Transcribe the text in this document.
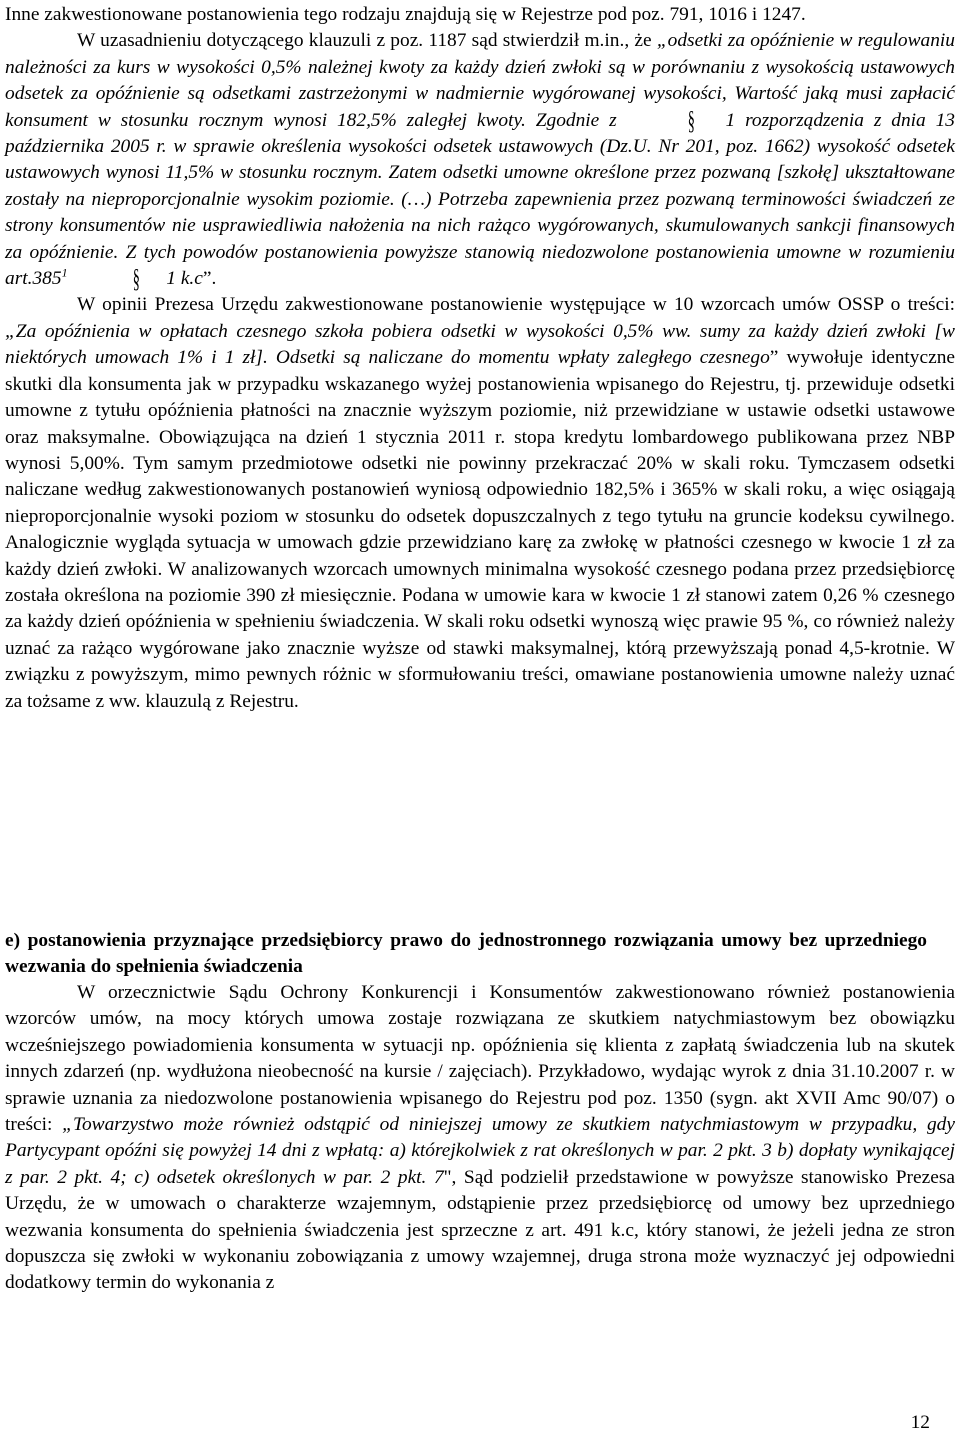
Inne zakwestionowane postanowienia tego rodzaju znajdują się w Rejestrze pod poz. 791, 1016 i 1247.

W uzasadnieniu dotyczącego klauzuli z poz. 1187 sąd stwierdził m.in., że „odsetki za opóźnienie w regulowaniu należności za kurs w wysokości 0,5% należnej kwoty za każdy dzień zwłoki są w porównaniu z wysokością ustawowych odsetek za opóźnienie są odsetkami zastrzeżonymi w nadmiernie wygórowanej wysokości, Wartość jaką musi zapłacić konsument w stosunku rocznym wynosi 182,5% zaległej kwoty. Zgodnie z § 1 rozporządzenia z dnia 13 października 2005 r. w sprawie określenia wysokości odsetek ustawowych (Dz.U. Nr 201, poz. 1662) wysokość odsetek ustawowych wynosi 11,5% w stosunku rocznym. Zatem odsetki umowne określone przez pozwaną [szkołę] ukształtowane zostały na nieproporcjonalnie wysokim poziomie. (…) Potrzeba zapewnienia przez pozwaną terminowości świadczeń ze strony konsumentów nie usprawiedliwia nałożenia na nich rażąco wygórowanych, skumulowanych sankcji finansowych za opóźnienie. Z tych powodów postanowienia powyższe stanowią niedozwolone postanowienia umowne w rozumieniu art.385$^1$	§ 1 k.c”.

W opinii Prezesa Urzędu zakwestionowane postanowienie występujące w 10 wzorcach umów OSSP o treści: „Za opóźnienia w opłatach czesnego szkoła pobiera odsetki w wysokości 0,5% ww. sumy za każdy dzień zwłoki [w niektórych umowach 1% i 1 zł]. Odsetki są naliczane do momentu wpłaty zaległego czesnego” wywołuje identyczne skutki dla konsumenta jak w przypadku wskazanego wyżej postanowienia wpisanego do Rejestru, tj. przewiduje odsetki umowne z tytułu opóźnienia płatności na znacznie wyższym poziomie, niż przewidziane w ustawie odsetki ustawowe oraz maksymalne. Obowiązująca na dzień 1 stycznia 2011 r. stopa kredytu lombardowego publikowana przez NBP wynosi 5,00%. Tym samym przedmiotowe odsetki nie powinny przekraczać 20% w skali roku. Tymczasem odsetki naliczane według zakwestionowanych postanowień wyniosą odpowiednio 182,5% i 365% w skali roku, a więc osiągają nieproporcjonalnie wysoki poziom w stosunku do odsetek dopuszczalnych z tego tytułu na gruncie kodeksu cywilnego. Analogicznie wygląda sytuacja w umowach gdzie przewidziano karę za zwłokę w płatności czesnego w kwocie 1 zł za każdy dzień zwłoki. W analizowanych wzorcach umownych minimalna wysokość czesnego podana przez przedsiębiorcę została określona na poziomie 390 zł miesięcznie. Podana w umowie kara w kwocie 1 zł stanowi zatem 0,26 % czesnego za każdy dzień opóźnienia w spełnieniu świadczenia. W skali roku odsetki wynoszą więc prawie 95 %, co również należy uznać za rażąco wygórowane jako znacznie wyższe od stawki maksymalnej, którą przewyższają ponad 4,5-krotnie. W związku z powyższym, mimo pewnych różnic w sformułowaniu treści, omawiane postanowienia umowne należy uznać za tożsame z ww. klauzulą z Rejestru.

e) postanowienia przyznające przedsiębiorcy prawo do jednostronnego rozwiązania umowy bez uprzedniego wezwania do spełnienia świadczenia

W orzecznictwie Sądu Ochrony Konkurencji i Konsumentów zakwestionowano również postanowienia wzorców umów, na mocy których umowa zostaje rozwiązana ze skutkiem natychmiastowym bez obowiązku wcześniejszego powiadomienia konsumenta w sytuacji np. opóźnienia się klienta z zapłatą świadczenia lub na skutek innych zdarzeń (np. wydłużona nieobecność na kursie / zajęciach). Przykładowo, wydając wyrok z dnia 31.10.2007 r. w sprawie uznania za niedozwolone postanowienia wpisanego do Rejestru pod poz. 1350 (sygn. akt XVII Amc 90/07) o treści: „Towarzystwo może również odstąpić od niniejszej umowy ze skutkiem natychmiastowym w przypadku, gdy Partycypant opóźni się powyżej 14 dni z wpłatą: a) którejkolwiek z rat określonych w par. 2 pkt. 3 b) dopłaty wynikającej z par. 2 pkt. 4; c) odsetek określonych w par. 2 pkt. 7", Sąd podzielił przedstawione w powyższe stanowisko Prezesa Urzędu, że w umowach o charakterze wzajemnym, odstąpienie przez przedsiębiorcę od umowy bez uprzedniego wezwania konsumenta do spełnienia świadczenia jest sprzeczne z art. 491 k.c, który stanowi, że jeżeli jedna ze stron dopuszcza się zwłoki w wykonaniu zobowiązania z umowy wzajemnej, druga strona może wyznaczyć jej odpowiedni dodatkowy termin do wykonania z

12
